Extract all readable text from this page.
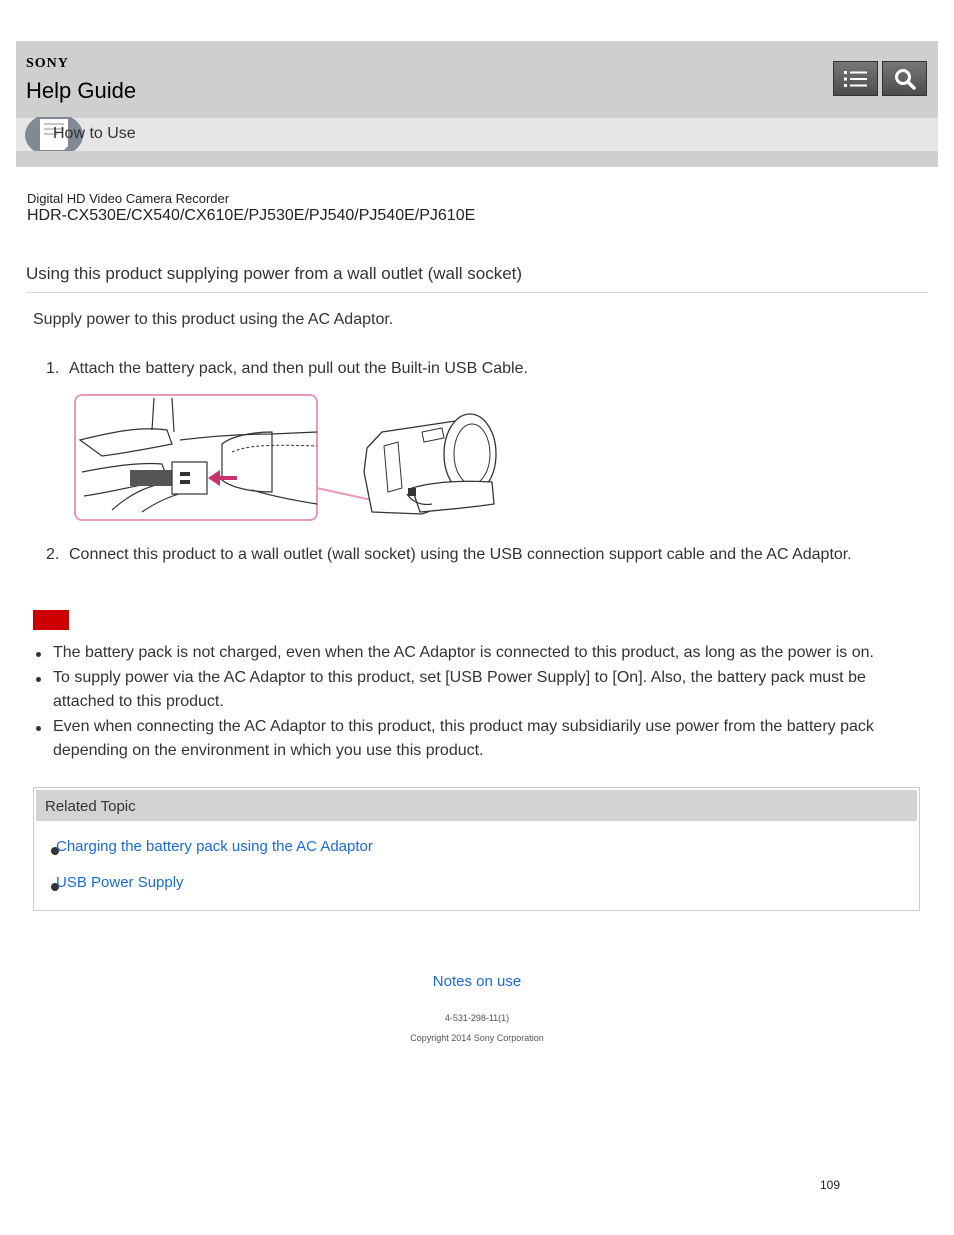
SONY
Help Guide
How to Use
Digital HD Video Camera Recorder
HDR-CX530E/CX540/CX610E/PJ530E/PJ540/PJ540E/PJ610E
Using this product supplying power from a wall outlet (wall socket)
Supply power to this product using the AC Adaptor.
1. Attach the battery pack, and then pull out the Built-in USB Cable.
2. Connect this product to a wall outlet (wall socket) using the USB connection support cable and the AC Adaptor.
The battery pack is not charged, even when the AC Adaptor is connected to this product, as long as the power is on.
To supply power via the AC Adaptor to this product, set [USB Power Supply] to [On]. Also, the battery pack must be attached to this product.
Even when connecting the AC Adaptor to this product, this product may subsidiarily use power from the battery pack depending on the environment in which you use this product.
Related Topic
Charging the battery pack using the AC Adaptor
USB Power Supply
Notes on use
4-531-298-11(1)
Copyright 2014 Sony Corporation
109
